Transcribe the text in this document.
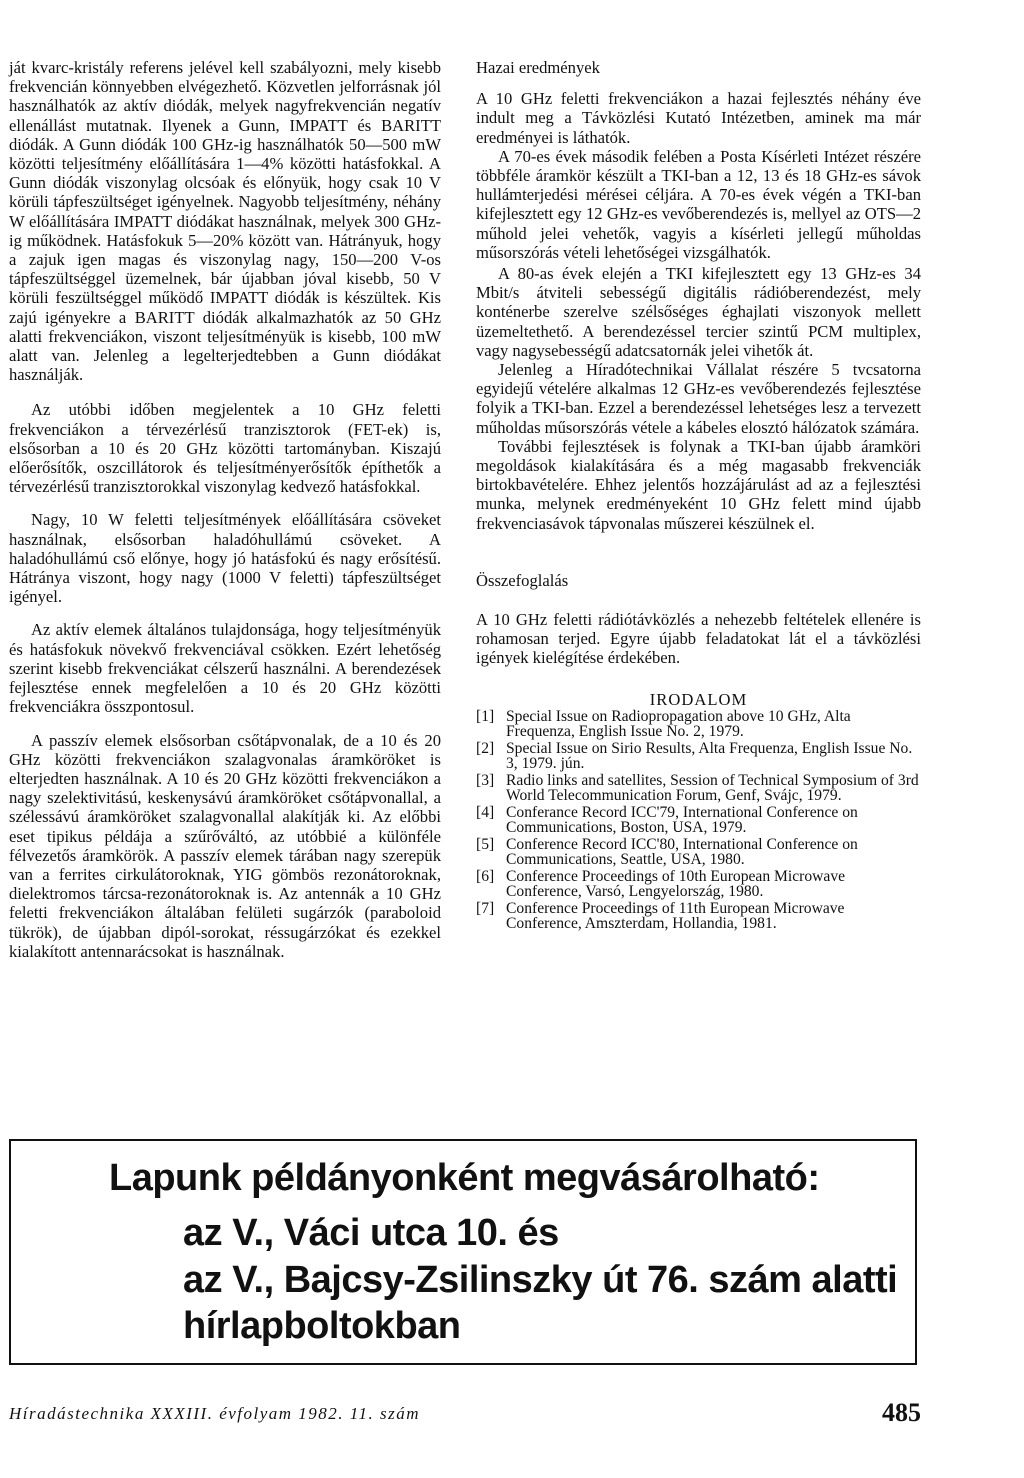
ját kvarc-kristály referens jelével kell szabályozni, mely kisebb frekvencián könnyebben elvégezhető. Közvetlen jelforrásnak jól használhatók az aktív diódák, melyek nagyfrekvencián negatív ellenállást mutatnak. Ilyenek a Gunn, IMPATT és BARITT diódák. A Gunn diódák 100 GHz-ig használhatók 50—500 mW közötti teljesítmény előállítására 1—4% közötti hatásfokkal. A Gunn diódák viszonylag olcsóak és előnyük, hogy csak 10 V körüli tápfeszültséget igényelnek. Nagyobb teljesítmény, néhány W előállítására IMPATT diódákat használnak, melyek 300 GHz-ig működnek. Hatásfokuk 5—20% között van. Hátrányuk, hogy a zajuk igen magas és viszonylag nagy, 150—200 V-os tápfeszültséggel üzemelnek, bár újabban jóval kisebb, 50 V körüli feszültséggel működő IMPATT diódák is készültek. Kis zajú igényekre a BARITT diódák alkalmazhatók az 50 GHz alatti frekvenciákon, viszont teljesítményük is kisebb, 100 mW alatt van. Jelenleg a legelterjedtebben a Gunn diódákat használják.

Az utóbbi időben megjelentek a 10 GHz feletti frekvenciákon a térvezérlésű tranzisztorok (FET-ek) is, elsősorban a 10 és 20 GHz közötti tartományban. Kiszajú előerősítők, oszcillátorok és teljesítményerősítők építhetők a térvezérlésű tranzisztorokkal viszonylag kedvező hatásfokkal.

Nagy, 10 W feletti teljesítmények előállítására csöveket használnak, elsősorban haladóhullámú csöveket. A haladóhullámú cső előnye, hogy jó hatásfokú és nagy erősítésű. Hátránya viszont, hogy nagy (1000 V feletti) tápfeszültséget igényel.

Az aktív elemek általános tulajdonsága, hogy teljesítményük és hatásfokuk növekvő frekvenciával csökken. Ezért lehetőség szerint kisebb frekvenciákat célszerű használni. A berendezések fejlesztése ennek megfelelően a 10 és 20 GHz közötti frekvenciákra összpontosul.

A passzív elemek elsősorban csőtápvonalak, de a 10 és 20 GHz közötti frekvenciákon szalagvonalas áramköröket is elterjedten használnak. A 10 és 20 GHz közötti frekvenciákon a nagy szelektivitású, keskenysávú áramköröket csőtápvonallal, a szélessávú áramköröket szalagvonallal alakítják ki. Az előbbi eset tipikus példája a szűrőváltó, az utóbbié a különféle félvezetős áramkörök. A passzív elemek tárában nagy szerepük van a ferrites cirkulátoroknak, YIG gömbös rezonátoroknak, dielektromos tárcsa-rezonátoroknak is. Az antennák a 10 GHz feletti frekvenciákon általában felületi sugárzók (paraboloid tükrök), de újabban dipól-sorokat, réssugárzókat és ezekkel kialakított antennarácsokat is használnak.

Hazai eredmények

A 10 GHz feletti frekvenciákon a hazai fejlesztés néhány éve indult meg a Távközlési Kutató Intézetben, aminek ma már eredményei is láthatók.

A 70-es évek második felében a Posta Kísérleti Intézet részére többféle áramkör készült a TKI-ban a 12, 13 és 18 GHz-es sávok hullámterjedési mérései céljára. A 70-es évek végén a TKI-ban kifejlesztett egy 12 GHz-es vevőberendezés is, mellyel az OTS—2 műhold jelei vehetők, vagyis a kísérleti jellegű műholdas műsorszórás vételi lehetőségei vizsgálhatók.

A 80-as évek elején a TKI kifejlesztett egy 13 GHz-es 34 Mbit/s átviteli sebességű digitális rádióberendezést, mely konténerbe szerelve szélsőséges éghajlati viszonyok mellett üzemeltethető. A berendezéssel tercier szintű PCM multiplex, vagy nagysebességű adatcsatornák jelei vihetők át.

Jelenleg a Híradótechnikai Vállalat részére 5 tvcsatorna egyidejű vételére alkalmas 12 GHz-es vevőberendezés fejlesztése folyik a TKI-ban. Ezzel a berendezéssel lehetséges lesz a tervezett műholdas műsorszórás vétele a kábeles elosztó hálózatok számára.

További fejlesztések is folynak a TKI-ban újabb áramköri megoldások kialakítására és a még magasabb frekvenciák birtokbavételére. Ehhez jelentős hozzájárulást ad az a fejlesztési munka, melynek eredményeként 10 GHz felett mind újabb frekvenciasávok tápvonalas műszerei készülnek el.

Összefoglalás

A 10 GHz feletti rádiótávközlés a nehezebb feltételek ellenére is rohamosan terjed. Egyre újabb feladatokat lát el a távközlési igények kielégítése érdekében.

IRODALOM

[1] Special Issue on Radiopropagation above 10 GHz, Alta Frequenza, English Issue No. 2, 1979.
[2] Special Issue on Sirio Results, Alta Frequenza, English Issue No. 3, 1979. jún.
[3] Radio links and satellites, Session of Technical Symposium of 3rd World Telecommunication Forum, Genf, Svájc, 1979.
[4] Conferance Record ICC'79, International Conference on Communications, Boston, USA, 1979.
[5] Conference Record ICC'80, International Conference on Communications, Seattle, USA, 1980.
[6] Conference Proceedings of 10th European Microwave Conference, Varsó, Lengyelország, 1980.
[7] Conference Proceedings of 11th European Microwave Conference, Amszterdam, Hollandia, 1981.
Lapunk példányonként megvásárolható:
az V., Váci utca 10. és
az V., Bajcsy-Zsilinszky út 76. szám alatti
hírlapboltokban
Híradástechnika XXXIII. évfolyam 1982. 11. szám	485
